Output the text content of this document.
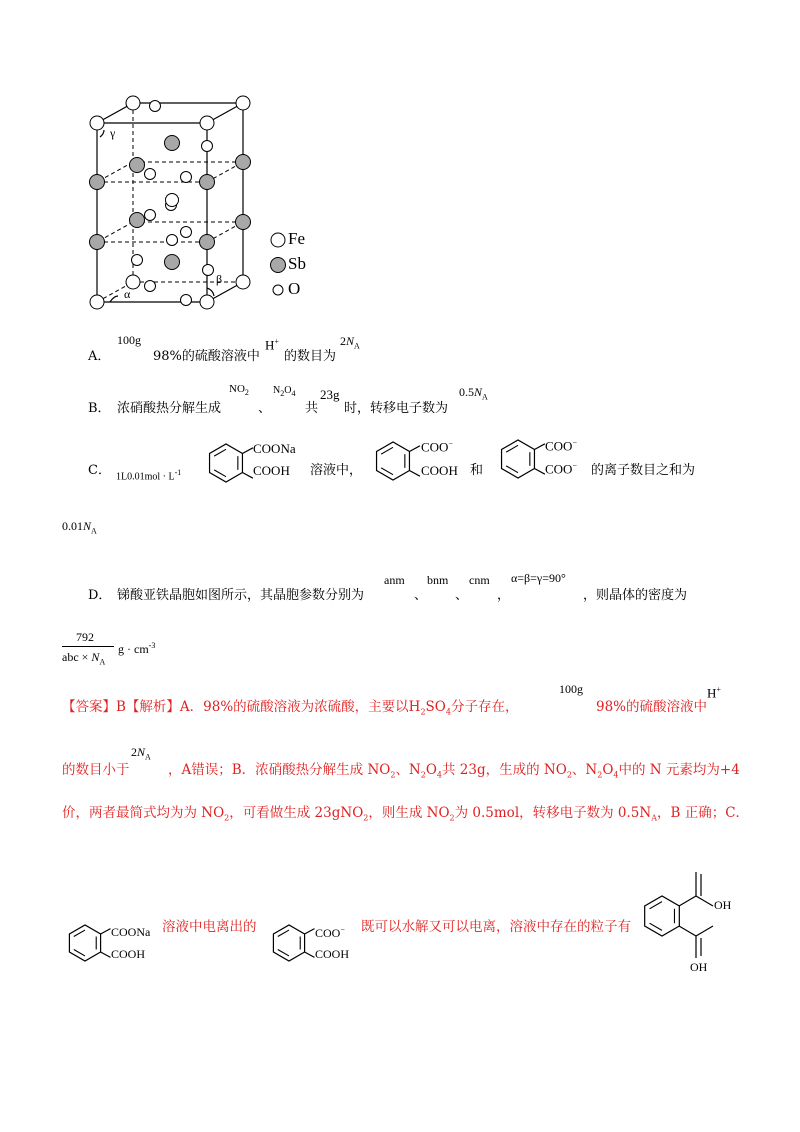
γ
α
β
Fe
Sb
O
A．
100g
98%的硫酸溶液中
H+
的数目为
$2N_A$
B． 浓硝酸热分解生成
$NO_2$
、
$N_2O_4$
共
23g
时，转移电子数为
$0.5N_A$
C． $1L0.01mol \cdot L^{-1}$
COONa
COOH 溶液中，
COO−
COOH 和
COO−
COO− 的离子数目之和为
$0.01N_A$
D． 锑酸亚铁晶胞如图所示，其晶胞参数分别为
anm
、
bnm
、
cnm
，
α=β=γ=90°
，则晶体的密度为
792
abc × $N_A$
$g \cdot cm^{-3}$
【答案】B【解析】A．98%的硫酸溶液为浓硫酸，主要以$H_2SO_4$分子存在，
100g
98%的硫酸溶液中
H+
的数目小于
$2N_A$
，A错误；B．浓硝酸热分解生成 $NO_2$、$N_2O_4$共 23g，生成的 $NO_2$、$N_2O_4$中的 N 元素均为+4
价，两者最简式均为为 $NO_2$，可看做生成 23gNO$_2$，则生成 $NO_2$为 0.5mol，转移电子数为 $0.5N_A$，B 正确；C．
COONa
COOH
溶液中电离出的	COO−
COOH
既可以水解又可以电离，溶液中存在的粒子有
OH
OH
